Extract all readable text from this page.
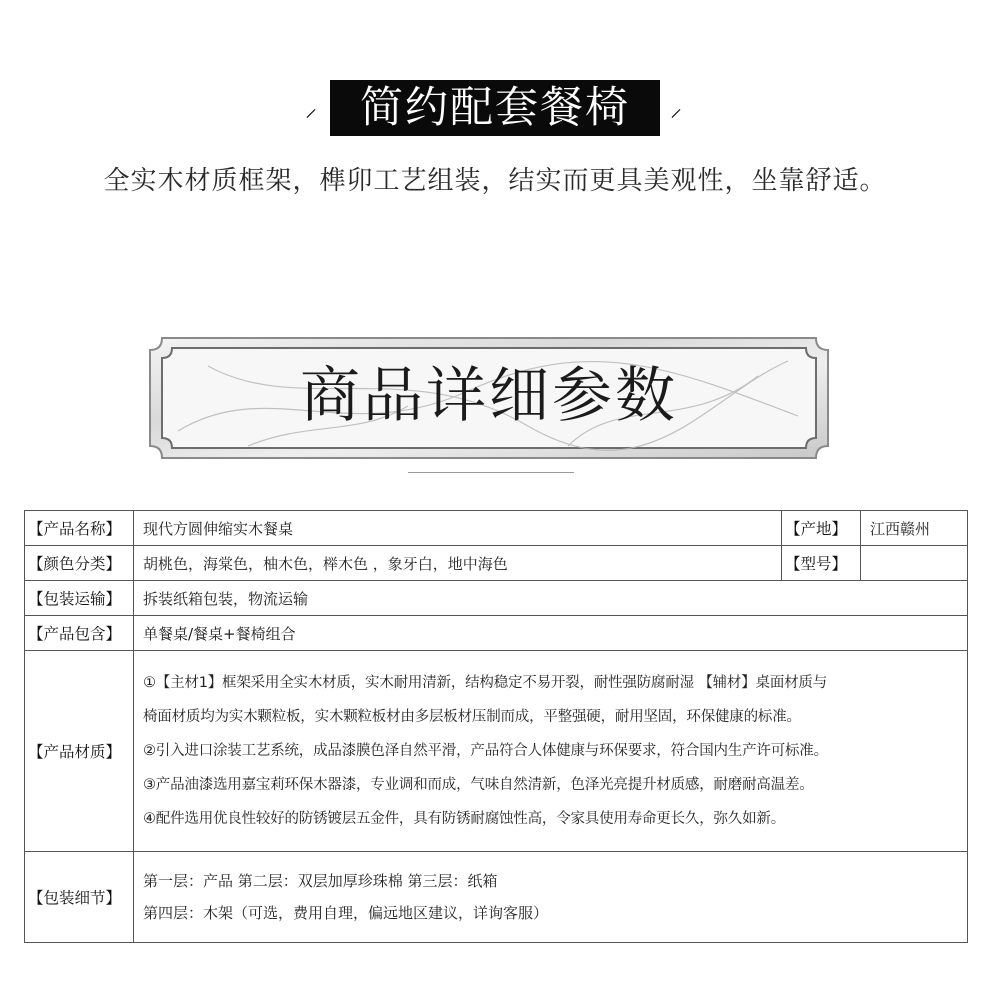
⸝	简约配套餐椅	⸝
全实木材质框架，榫卯工艺组装，结实而更具美观性，坐靠舒适。
商品详细参数
【产品名称】	现代方圆伸缩实木餐桌	【产地】	江西赣州
【颜色分类】	胡桃色，海棠色，柚木色，榉木色 ，象牙白，地中海色	【型号】	
【包装运输】	拆装纸箱包装，物流运输		
【产品包含】	单餐桌/餐桌+餐椅组合		
【产品材质】	①【主材1】框架采用全实木材质，实木耐用清新，结构稳定不易开裂，耐性强防腐耐湿 【辅材】桌面材质与
椅面材质均为实木颗粒板，实木颗粒板材由多层板材压制而成，平整强硬，耐用坚固，环保健康的标准。
②引入进口涂装工艺系统，成品漆膜色泽自然平滑，产品符合人体健康与环保要求，符合国内生产许可标准。
③产品油漆选用嘉宝莉环保木器漆，专业调和而成，气味自然清新，色泽光亮提升材质感，耐磨耐高温差。
④配件选用优良性较好的防锈镀层五金件，具有防锈耐腐蚀性高，令家具使用寿命更长久，弥久如新。		

【包装细节】	第一层：产品 第二层：双层加厚珍珠棉 第三层：纸箱
第四层：木架（可选，费用自理，偏远地区建议，详询客服）		
